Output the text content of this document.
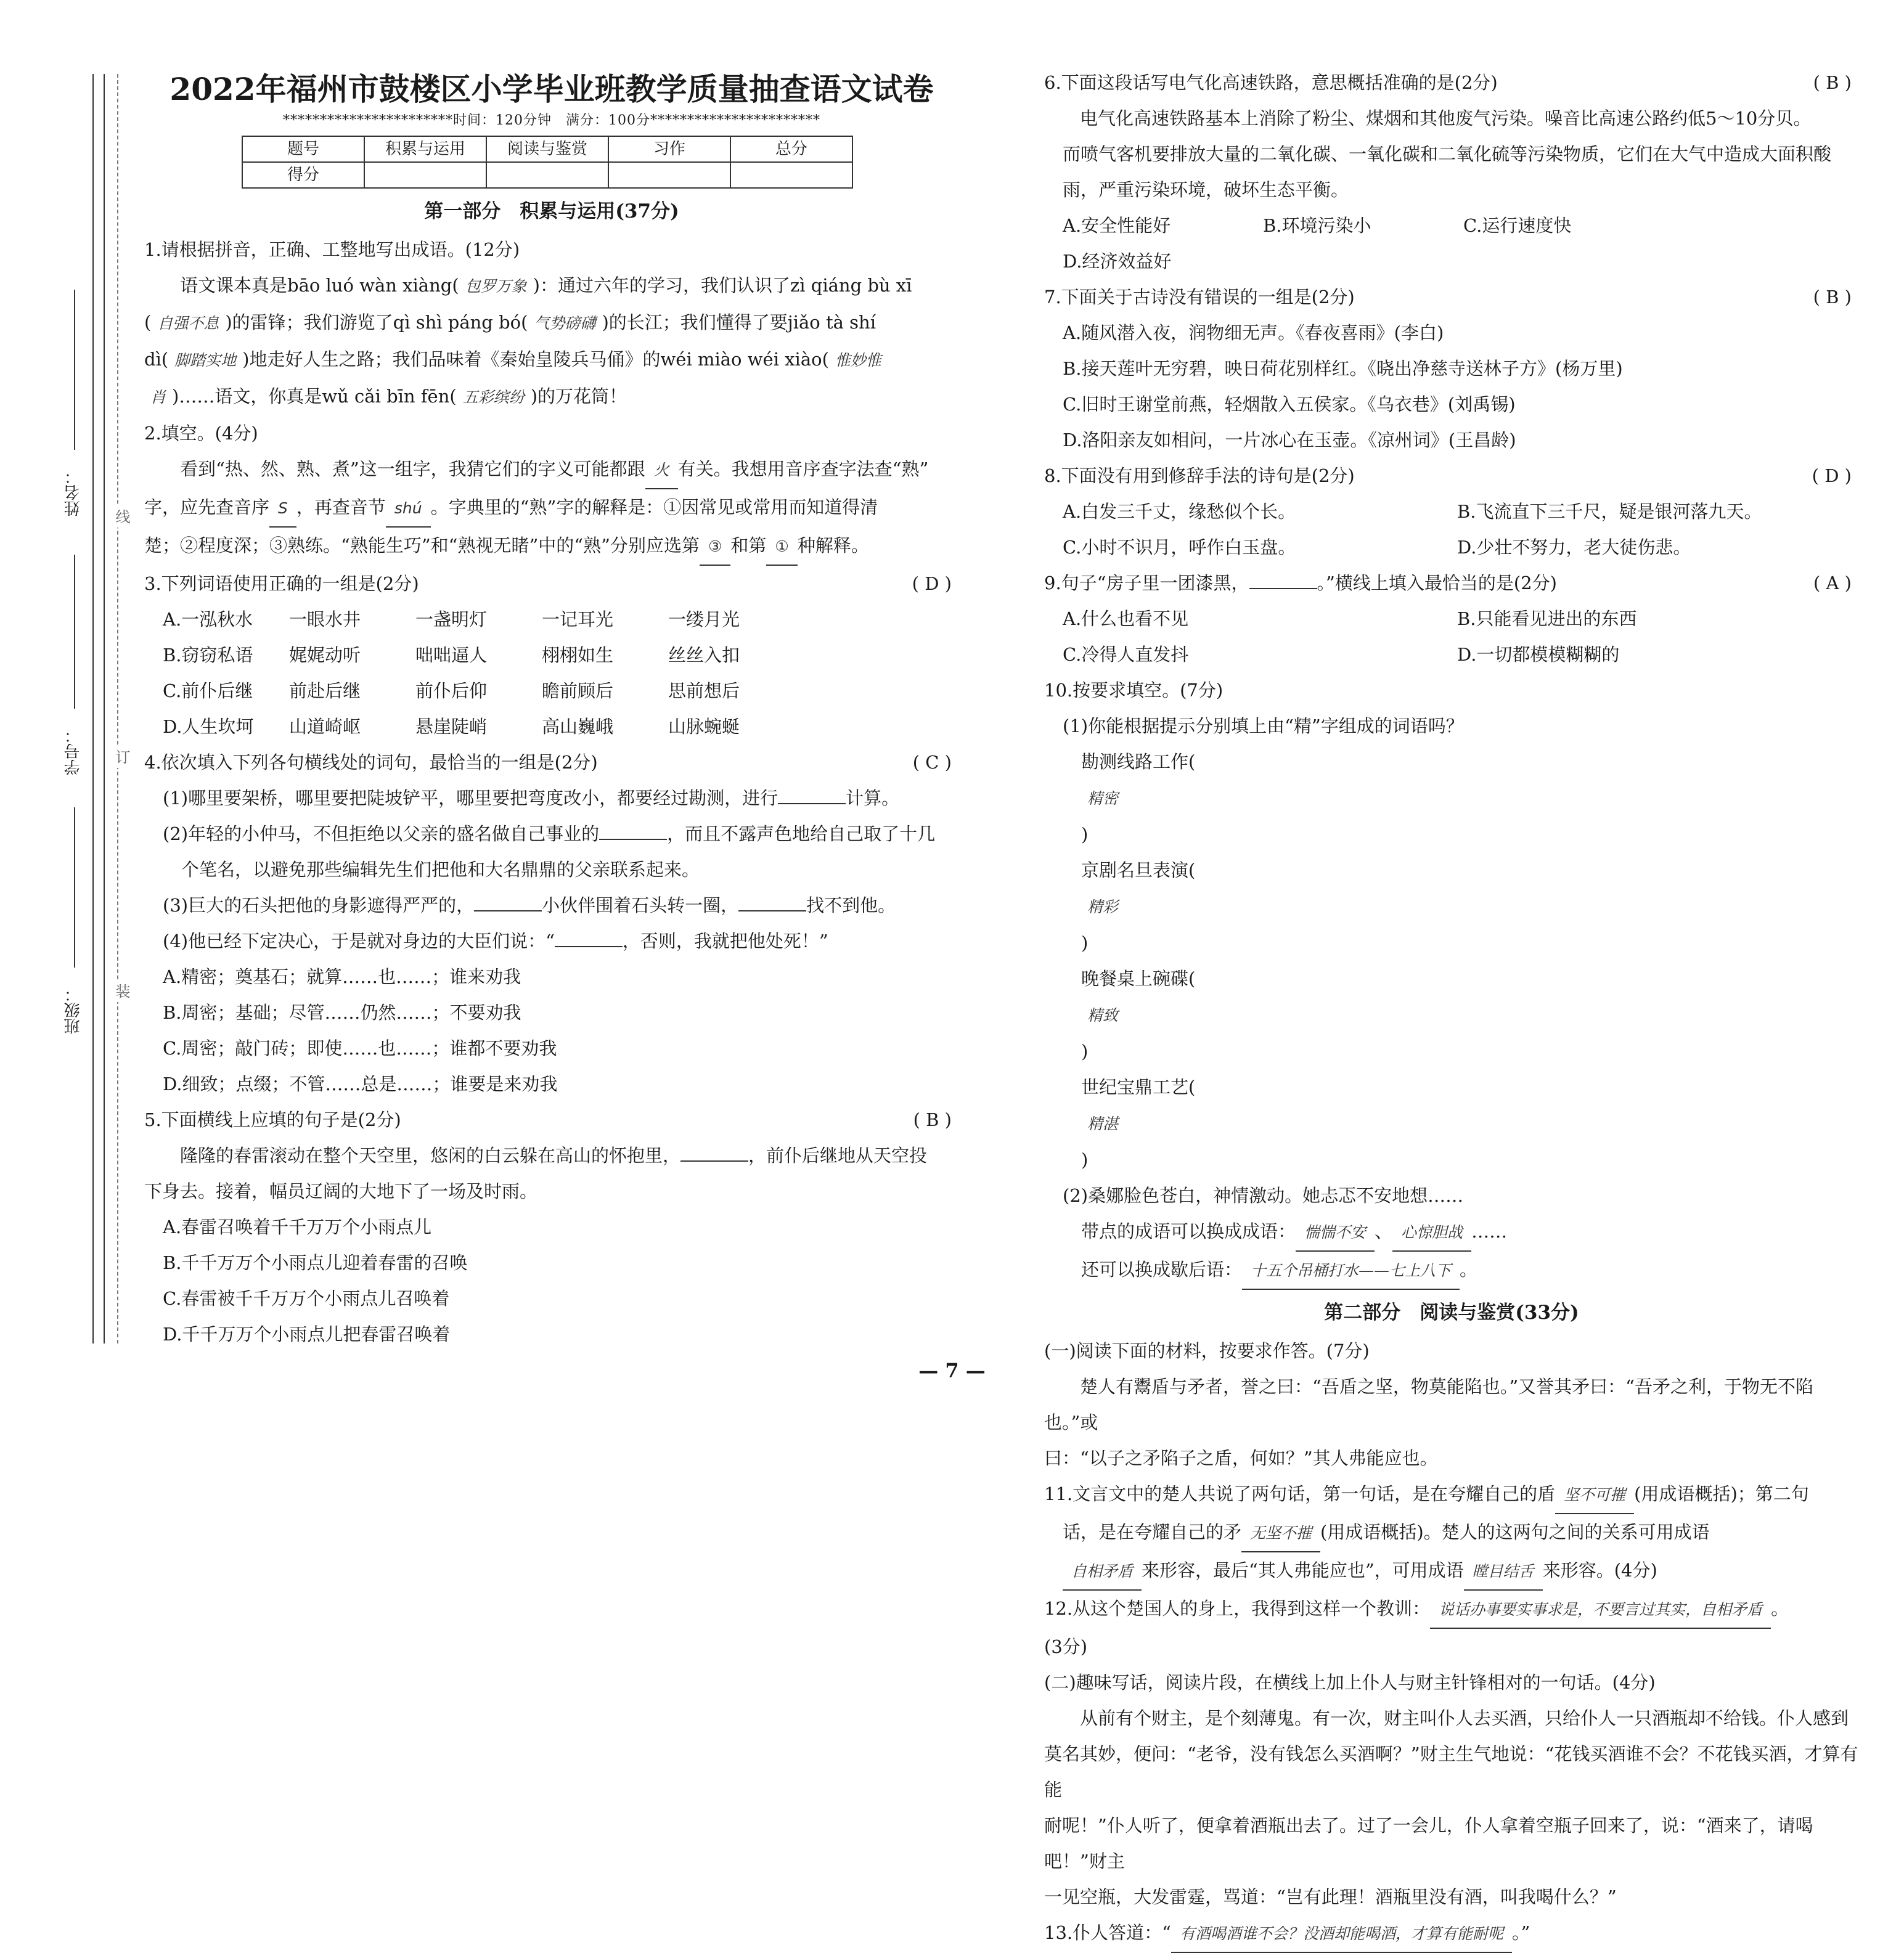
姓名：
学号：
班级：
线
订
装
2022年福州市鼓楼区小学毕业班教学质量抽查语文试卷
***********************时间：120分钟　满分：100分***********************
题号	积累与运用	阅读与鉴赏	习作	总分
得分				
第一部分　积累与运用(37分)
1.请根据拼音，正确、工整地写出成语。(12分)
语文课本真是bāo luó wàn xiàng( 包罗万象 )：通过六年的学习，我们认识了zì qiáng bù xī
( 自强不息 )的雷锋；我们游览了qì shì páng bó( 气势磅礴 )的长江；我们懂得了要jiǎo tà shí
dì( 脚踏实地 )地走好人生之路；我们品味着《秦始皇陵兵马俑》的wéi miào wéi xiào( 惟妙惟
肖 )……语文，你真是wǔ cǎi bīn fēn( 五彩缤纷 )的万花筒！
2.填空。(4分)
看到“热、然、熟、煮”这一组字，我猜它们的字义可能都跟 火 有关。我想用音序查字法查“熟”
字，应先查音序 S ，再查音节 shú 。字典里的“熟”字的解释是：①因常见或常用而知道得清
楚；②程度深；③熟练。“熟能生巧”和“熟视无睹”中的“熟”分别应选第 ③ 和第 ① 种解释。
3.下列词语使用正确的一组是(2分)	( D )
A.一泓秋水 一眼水井	一盏明灯	一记耳光	一缕月光
B.窃窃私语 娓娓动听	咄咄逼人	栩栩如生	丝丝入扣
C.前仆后继 前赴后继	前仆后仰	瞻前顾后	思前想后
D.人生坎坷 山道崎岖	悬崖陡峭	高山巍峨	山脉蜿蜒
4.依次填入下列各句横线处的词句，最恰当的一组是(2分)	( C )
(1)哪里要架桥，哪里要把陡坡铲平，哪里要把弯度改小，都要经过勘测，进行	计算。
(2)年轻的小仲马，不但拒绝以父亲的盛名做自己事业的	，而且不露声色地给自己取了十几
个笔名，以避免那些编辑先生们把他和大名鼎鼎的父亲联系起来。
(3)巨大的石头把他的身影遮得严严的，	小伙伴围着石头转一圈，	找不到他。
(4)他已经下定决心，于是就对身边的大臣们说：“	，否则，我就把他处死！”
A.精密；奠基石；就算……也……；谁来劝我
B.周密；基础；尽管……仍然……；不要劝我
C.周密；敲门砖；即使……也……；谁都不要劝我
D.细致；点缀；不管……总是……；谁要是来劝我
5.下面横线上应填的句子是(2分)	( B )
隆隆的春雷滚动在整个天空里，悠闲的白云躲在高山的怀抱里，	，前仆后继地从天空投
下身去。接着，幅员辽阔的大地下了一场及时雨。
A.春雷召唤着千千万万个小雨点儿
B.千千万万个小雨点儿迎着春雷的召唤
C.春雷被千千万万个小雨点儿召唤着
D.千千万万个小雨点儿把春雷召唤着
6.下面这段话写电气化高速铁路，意思概括准确的是(2分)	( B )
电气化高速铁路基本上消除了粉尘、煤烟和其他废气污染。噪音比高速公路约低5～10分贝。
而喷气客机要排放大量的二氧化碳、一氧化碳和二氧化硫等污染物质，它们在大气中造成大面积酸
雨，严重污染环境，破坏生态平衡。
A.安全性能好	B.环境污染小	C.运行速度快D.经济效益好
7.下面关于古诗没有错误的一组是(2分)	( B )
A.随风潜入夜，润物细无声。《春夜喜雨》(李白)
B.接天莲叶无穷碧，映日荷花别样红。《晓出净慈寺送林子方》(杨万里)
C.旧时王谢堂前燕，轻烟散入五侯家。《乌衣巷》(刘禹锡)
D.洛阳亲友如相问，一片冰心在玉壶。《凉州词》(王昌龄)
8.下面没有用到修辞手法的诗句是(2分)	( D )
A.白发三千丈，缘愁似个长。	B.飞流直下三千尺，疑是银河落九天。
C.小时不识月，呼作白玉盘。	D.少壮不努力，老大徒伤悲。
9.句子“房子里一团漆黑，	。”横线上填入最恰当的是(2分)	( A )
A.什么也看不见	B.只能看见进出的东西
C.冷得人直发抖	D.一切都模模糊糊的
10.按要求填空。(7分)
(1)你能根据提示分别填上由“精”字组成的词语吗？
勘测线路工作(精密)京剧名旦表演(精彩)
晚餐桌上碗碟(精致)世纪宝鼎工艺(精湛)
(2)桑娜脸色苍白，神情激动。她忐忑不安地想……
带点的成语可以换成成语： 惴惴不安 、 心惊胆战 ……
还可以换成歇后语： 十五个吊桶打水——七上八下 。
第二部分　阅读与鉴赏(33分)
(一)阅读下面的材料，按要求作答。(7分)
楚人有鬻盾与矛者，誉之曰：“吾盾之坚，物莫能陷也。”又誉其矛曰：“吾矛之利，于物无不陷也。”或
曰：“以子之矛陷子之盾，何如？”其人弗能应也。
11.文言文中的楚人共说了两句话，第一句话，是在夸耀自己的盾 坚不可摧 (用成语概括)；第二句
话，是在夸耀自己的矛 无坚不摧 (用成语概括)。楚人的这两句之间的关系可用成语
自相矛盾 来形容，最后“其人弗能应也”，可用成语 瞠目结舌 来形容。(4分)
12.从这个楚国人的身上，我得到这样一个教训： 说话办事要实事求是，不要言过其实，自相矛盾 。
(3分)
(二)趣味写话，阅读片段，在横线上加上仆人与财主针锋相对的一句话。(4分)
从前有个财主，是个刻薄鬼。有一次，财主叫仆人去买酒，只给仆人一只酒瓶却不给钱。仆人感到
莫名其妙，便问：“老爷，没有钱怎么买酒啊？”财主生气地说：“花钱买酒谁不会？不花钱买酒，才算有能
耐呢！”仆人听了，便拿着酒瓶出去了。过了一会儿，仆人拿着空瓶子回来了，说：“酒来了，请喝吧！”财主
一见空瓶，大发雷霆，骂道：“岂有此理！酒瓶里没有酒，叫我喝什么？”
13.仆人答道：“ 有酒喝酒谁不会？没酒却能喝酒，才算有能耐呢 。”
— 7 —
